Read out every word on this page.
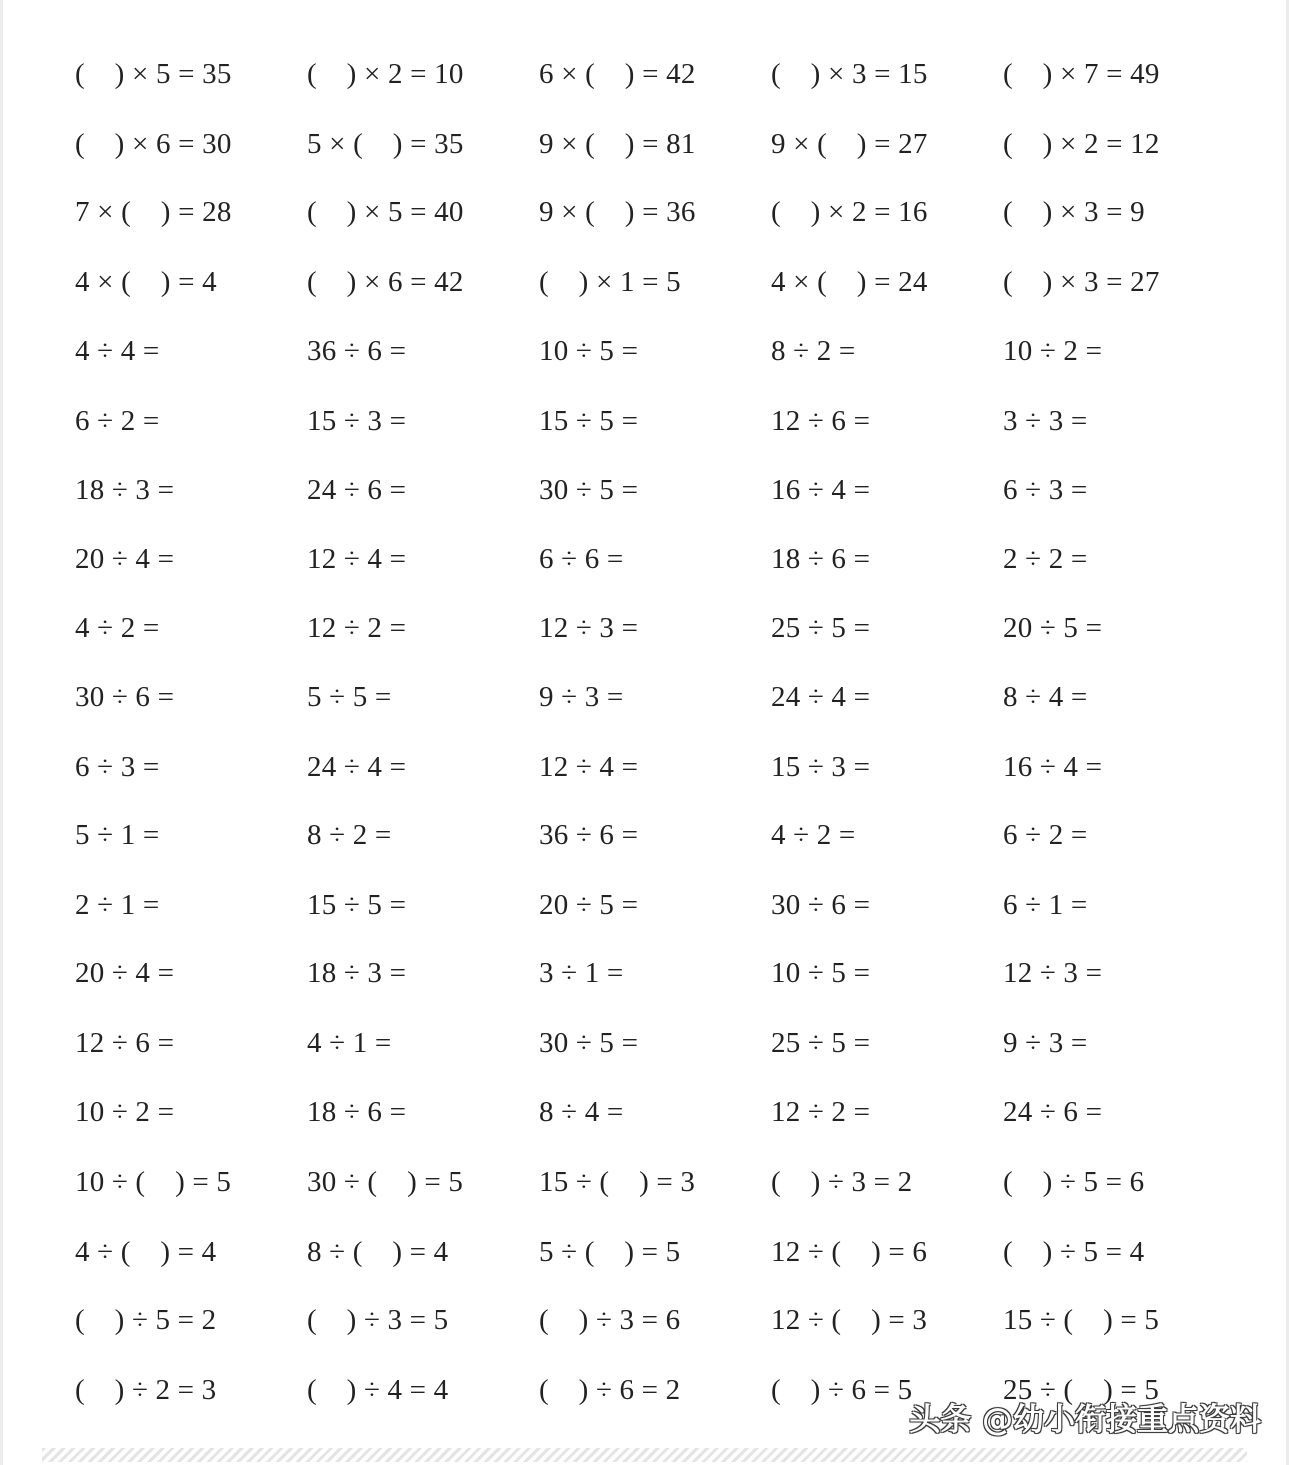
(    ) × 5 = 35	(    ) × 2 = 10	6 × (    ) = 42	(    ) × 3 = 15	(    ) × 7 = 49
(    ) × 6 = 30	5 × (    ) = 35	9 × (    ) = 81	9 × (    ) = 27	(    ) × 2 = 12
7 × (    ) = 28	(    ) × 5 = 40	9 × (    ) = 36	(    ) × 2 = 16	(    ) × 3 = 9
4 × (    ) = 4	(    ) × 6 = 42	(    ) × 1 = 5	4 × (    ) = 24	(    ) × 3 = 27
4 ÷ 4 =	36 ÷ 6 =	10 ÷ 5 =	8 ÷ 2 =	10 ÷ 2 =
6 ÷ 2 =	15 ÷ 3 =	15 ÷ 5 =	12 ÷ 6 =	3 ÷ 3 =
18 ÷ 3 =	24 ÷ 6 =	30 ÷ 5 =	16 ÷ 4 =	6 ÷ 3 =
20 ÷ 4 =	12 ÷ 4 =	6 ÷ 6 =	18 ÷ 6 =	2 ÷ 2 =
4 ÷ 2 =	12 ÷ 2 =	12 ÷ 3 =	25 ÷ 5 =	20 ÷ 5 =
30 ÷ 6 =	5 ÷ 5 =	9 ÷ 3 =	24 ÷ 4 =	8 ÷ 4 =
6 ÷ 3 =	24 ÷ 4 =	12 ÷ 4 =	15 ÷ 3 =	16 ÷ 4 =
5 ÷ 1 =	8 ÷ 2 =	36 ÷ 6 =	4 ÷ 2 =	6 ÷ 2 =
2 ÷ 1 =	15 ÷ 5 =	20 ÷ 5 =	30 ÷ 6 =	6 ÷ 1 =
20 ÷ 4 =	18 ÷ 3 =	3 ÷ 1 =	10 ÷ 5 =	12 ÷ 3 =
12 ÷ 6 =	4 ÷ 1 =	30 ÷ 5 =	25 ÷ 5 =	9 ÷ 3 =
10 ÷ 2 =	18 ÷ 6 =	8 ÷ 4 =	12 ÷ 2 =	24 ÷ 6 =
10 ÷ (    ) = 5	30 ÷ (    ) = 5	15 ÷ (    ) = 3	(    ) ÷ 3 = 2	(    ) ÷ 5 = 6
4 ÷ (    ) = 4	8 ÷ (    ) = 4	5 ÷ (    ) = 5	12 ÷ (    ) = 6	(    ) ÷ 5 = 4
(    ) ÷ 5 = 2	(    ) ÷ 3 = 5	(    ) ÷ 3 = 6	12 ÷ (    ) = 3	15 ÷ (    ) = 5
(    ) ÷ 2 = 3	(    ) ÷ 4 = 4	(    ) ÷ 6 = 2	(    ) ÷ 6 = 5	25 ÷ (    ) = 5
头条 @幼小衔接重点资料
